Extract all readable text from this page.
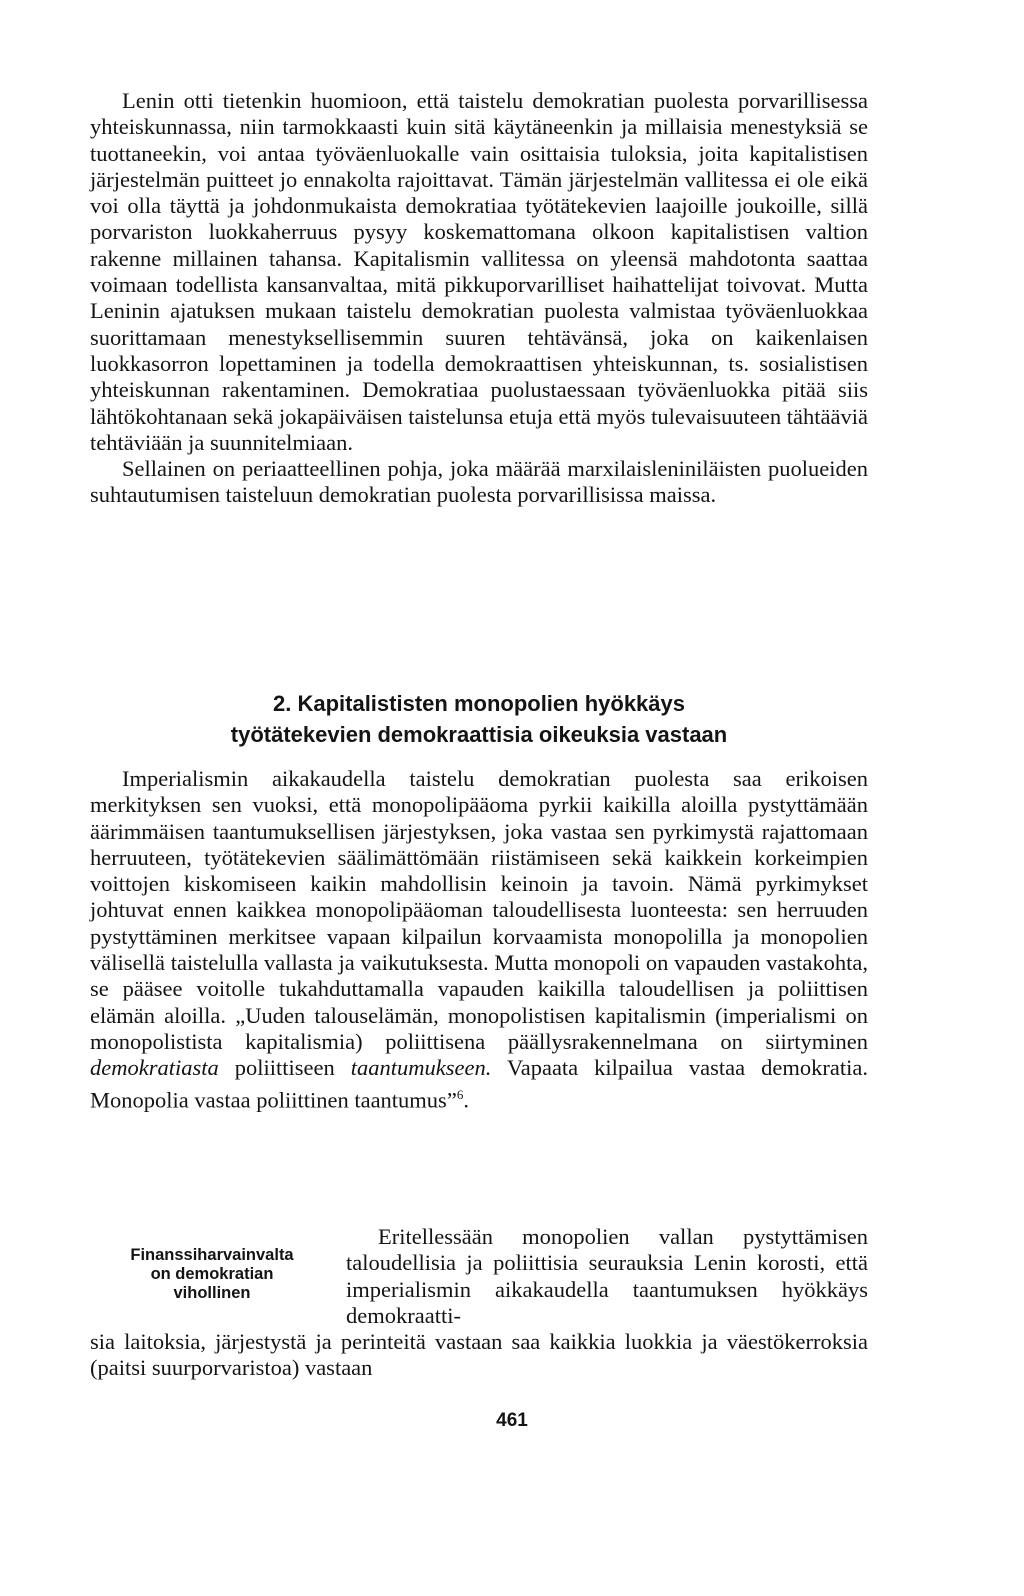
Lenin otti tietenkin huomioon, että taistelu demokratian puolesta porvarillisessa yhteiskunnassa, niin tarmokkaasti kuin sitä käytäneenkin ja millaisia menestyksiä se tuottaneekin, voi antaa työväenluokalle vain osittaisia tuloksia, joita kapitalistisen järjestelmän puitteet jo ennakolta rajoittavat. Tämän järjestelmän vallitessa ei ole eikä voi olla täyttä ja johdonmukaista demokratiaa työtätekevien laajoille joukoille, sillä porvariston luokkaherruus pysyy koskemattomana olkoon kapitalistisen valtion rakenne millainen tahansa. Kapitalismin vallitessa on yleensä mahdotonta saattaa voimaan todellista kansanvaltaa, mitä pikkuporvarilliset haihattelijat toivovat. Mutta Leninin ajatuksen mukaan taistelu demokratian puolesta valmistaa työväenluokkaa suorittamaan menestyksellisemmin suuren tehtävänsä, joka on kaikenlaisen luokkasorron lopettaminen ja todella demokraattisen yhteiskunnan, ts. sosialistisen yhteiskunnan rakentaminen. Demokratiaa puolustaessaan työväenluokka pitää siis lähtökohtanaan sekä jokapäiväisen taistelunsa etuja että myös tulevaisuuteen tähtääviä tehtäviään ja suunnitelmiaan.

Sellainen on periaatteellinen pohja, joka määrää marxilaisleniniläisten puolueiden suhtautumisen taisteluun demokratian puolesta porvarillisissa maissa.

2. Kapitalististen monopolien hyökkäys
työtätekevien demokraattisia oikeuksia vastaan

Imperialismin aikakaudella taistelu demokratian puolesta saa erikoisen merkityksen sen vuoksi, että monopolipääoma pyrkii kaikilla aloilla pystyttämään äärimmäisen taantumuksellisen järjestyksen, joka vastaa sen pyrkimystä rajattomaan herruuteen, työtätekevien säälimättömään riistämiseen sekä kaikkein korkeimpien voittojen kiskomiseen kaikin mahdollisin keinoin ja tavoin. Nämä pyrkimykset johtuvat ennen kaikkea monopolipääoman taloudellisesta luonteesta: sen herruuden pystyttäminen merkitsee vapaan kilpailun korvaamista monopolilla ja monopolien välisellä taistelulla vallasta ja vaikutuksesta. Mutta monopoli on vapauden vastakohta, se pääsee voitolle tukahduttamalla vapauden kaikilla taloudellisen ja poliittisen elämän aloilla. „Uuden talouselämän, monopolistisen kapitalismin (imperialismi on monopolistista kapitalismia) poliittisena päällysrakennelmana on siirtyminen demokratiasta poliittiseen taantumukseen. Vapaata kilpailua vastaa demokratia. Monopolia vastaa poliittinen taantumus”$^6$.

Finanssiharvainvalta
on demokratian
vihollinen

Eritellessään monopolien vallan pystyttämisen taloudellisia ja poliittisia seurauksia Lenin korosti, että imperialismin aikakaudella taantumuksen hyökkäys demokraatti-

sia laitoksia, järjestystä ja perinteitä vastaan saa kaikkia luokkia ja väestökerroksia (paitsi suurporvaristoa) vastaan

461
